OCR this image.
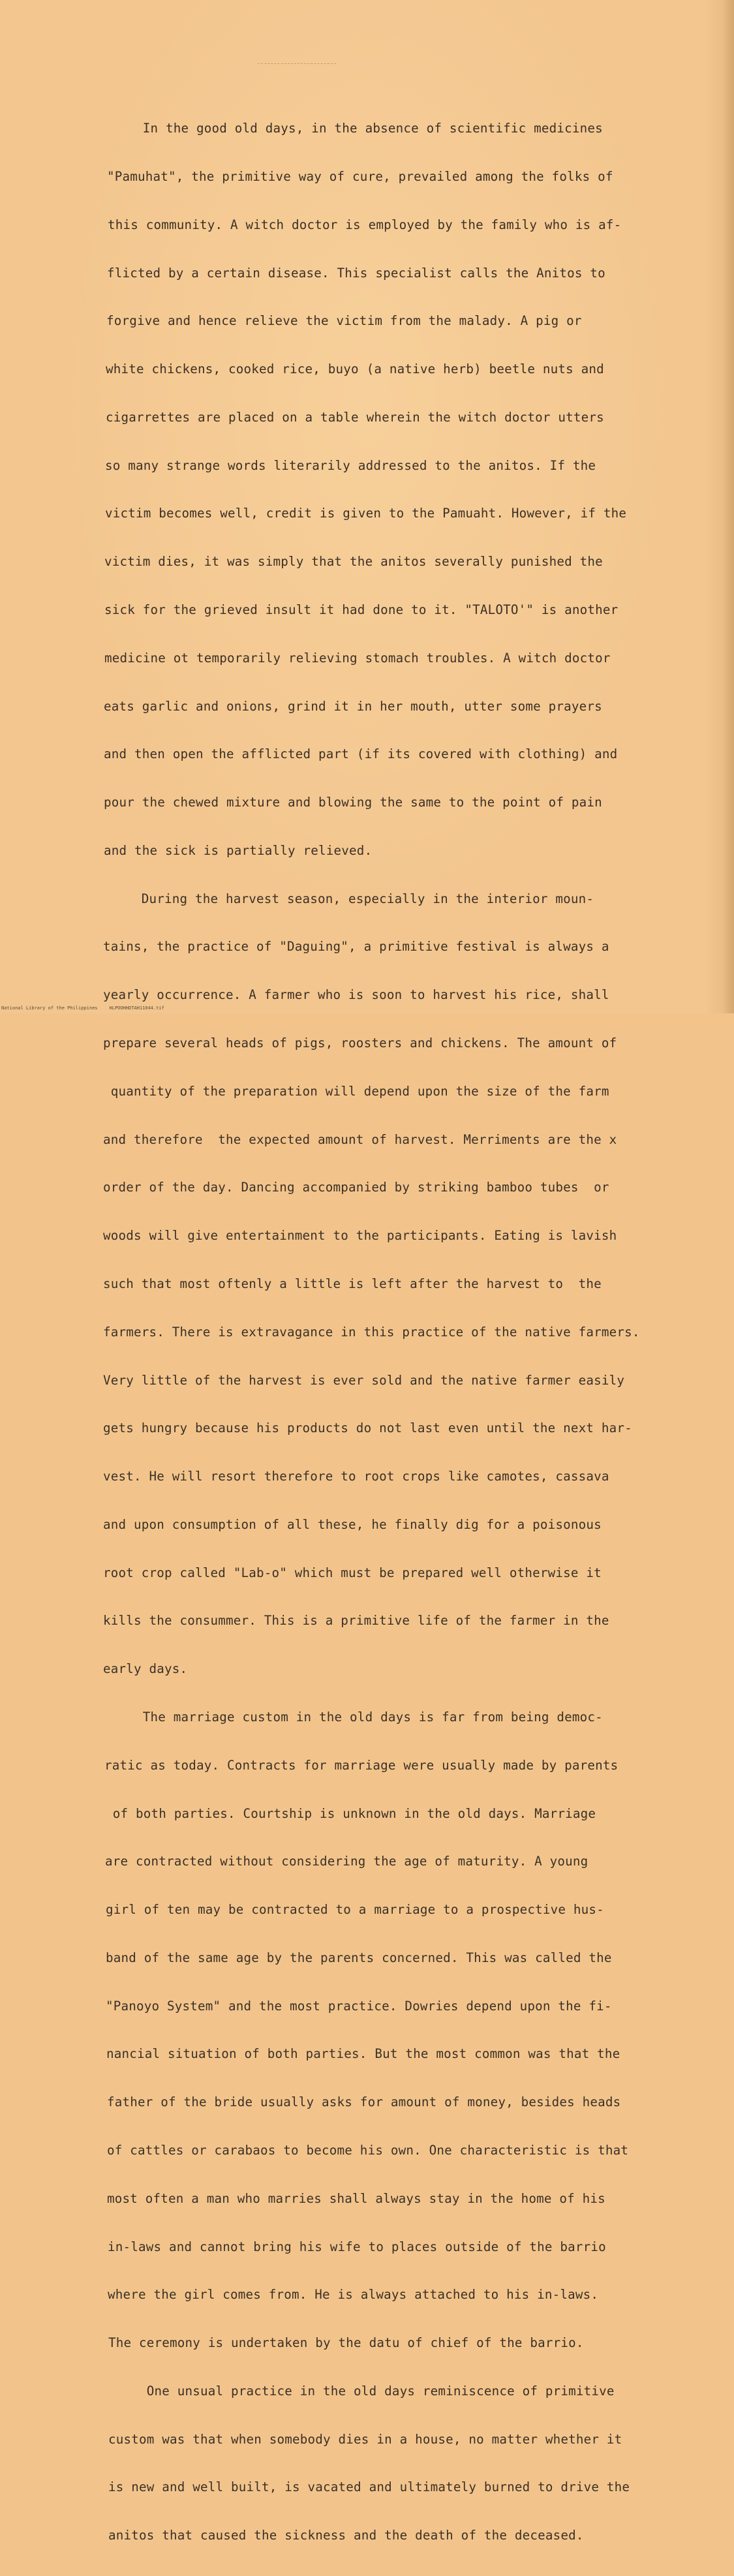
In the good old days, in the absence of scientific medicines

"Pamuhat", the primitive way of cure, prevailed among the folks of

this community. A witch doctor is employed by the family who is af-

flicted by a certain disease. This specialist calls the Anitos to

forgive and hence relieve the victim from the malady. A pig or

white chickens, cooked rice, buyo (a native herb) beetle nuts and

cigarrettes are placed on a table wherein the witch doctor utters

so many strange words literarily addressed to the anitos. If the

victim becomes well, credit is given to the Pamuaht. However, if the

victim dies, it was simply that the anitos severally punished the

sick for the grieved insult it had done to it. "TALOTO'" is another

medicine ot temporarily relieving stomach troubles. A witch doctor

eats garlic and onions, grind it in her mouth, utter some prayers

and then open the afflicted part (if its covered with clothing) and

pour the chewed mixture and blowing the same to the point of pain

and the sick is partially relieved.

During the harvest season, especially in the interior moun-

tains, the practice of "Daguing", a primitive festival is always a

yearly occurrence. A farmer who is soon to harvest his rice, shall

prepare several heads of pigs, roosters and chickens. The amount of

quantity of the preparation will depend upon the size of the farm

and therefore  the expected amount of harvest. Merriments are the x

order of the day. Dancing accompanied by striking bamboo tubes  or

woods will give entertainment to the participants. Eating is lavish

such that most oftenly a little is left after the harvest to  the

farmers. There is extravagance in this practice of the native farmers.

Very little of the harvest is ever sold and the native farmer easily

gets hungry because his products do not last even until the next har-

vest. He will resort therefore to root crops like camotes, cassava

and upon consumption of all these, he finally dig for a poisonous

root crop called "Lab-o" which must be prepared well otherwise it

kills the consummer. This is a primitive life of the farmer in the

early days.

The marriage custom in the old days is far from being democ-

ratic as today. Contracts for marriage were usually made by parents

of both parties. Courtship is unknown in the old days. Marriage

are contracted without considering the age of maturity. A young

girl of ten may be contracted to a marriage to a prospective hus-

band of the same age by the parents concerned. This was called the

"Panoyo System" and the most practice. Dowries depend upon the fi-

nancial situation of both parties. But the most common was that the

father of the bride usually asks for amount of money, besides heads

of cattles or carabaos to become his own. One characteristic is that

most often a man who marries shall always stay in the home of his

in-laws and cannot bring his wife to places outside of the barrio

where the girl comes from. He is always attached to his in-laws.

The ceremony is undertaken by the datu of chief of the barrio.

One unsual practice in the old days reminiscence of primitive

custom was that when somebody dies in a house, no matter whether it

is new and well built, is vacated and ultimately burned to drive the

anitos that caused the sickness and the death of the deceased.

National Library of the Philippines	HLPOOHHDTAH11044.tif
